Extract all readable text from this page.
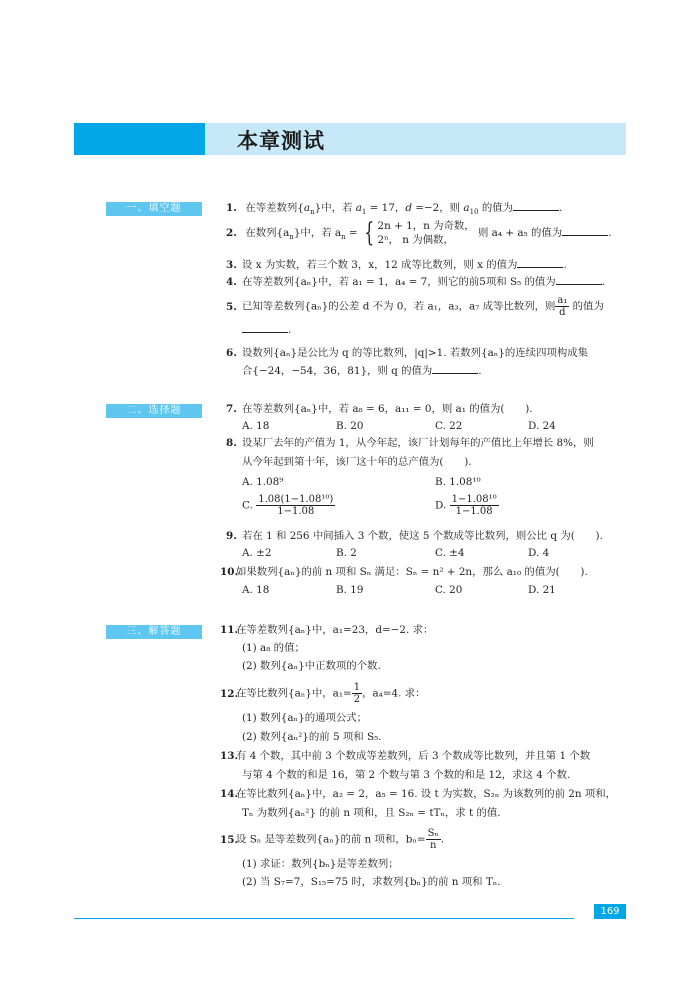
本章测试
一、填空题
二、选择题
三、解答题
1. 在等差数列$\{a_n\}$中，若 $a_1 = 17$，d =−2，则 $a_{10}$ 的值为	.
2. 在数列$\{a_n\}$中，若 $a_n$ = { 2n + 1，n 为奇数，
2ⁿ， n 为偶数，
则 a₄ + a₅ 的值为	.
3. 设 x 为实数，若三个数 3，x，12 成等比数列，则 x 的值为	.
4. 在等差数列{aₙ}中，若 a₁ = 1，a₄ = 7，则它的前5项和 S₅ 的值为	.
5. 已知等差数列{aₙ}的公差 d 不为 0，若 a₁，a₃，a₇ 成等比数列，则 $\frac{\text{a₁}}{d}$ 的值为
.
6. 设数列{aₙ}是公比为 q 的等比数列，|q|>1. 若数列{aₙ}的连续四项构成集
合{−24，−54，36，81}，则 q 的值为	.
7. 在等差数列{aₙ}中，若 a₈ = 6，a₁₁ = 0，则 a₁ 的值为(　　).
A. 18	B. 20	C. 22	D. 24
8. 设某厂去年的产值为 1，从今年起，该厂计划每年的产值比上年增长 8%，则
从今年起到第十年，该厂这十年的总产值为(　　).
A. 1.08⁹	B. 1.08¹⁰
C. $\frac{\text{1.08(1−1.08¹⁰)}}{1-1.08}$	D. $\frac{\text{1−1.08¹⁰}}{1-1.08}$
9. 若在 1 和 256 中间插入 3 个数，使这 5 个数成等比数列，则公比 q 为(　　).
A. ±2	B. 2	C. ±4	D. 4
10.如果数列{aₙ}的前 n 项和 Sₙ 满足：Sₙ = n² + 2n，那么 a₁₀ 的值为(　　).
A. 18	B. 19	C. 20	D. 21
11.在等差数列{aₙ}中，a₁=23，d=−2. 求：
(1) a₈ 的值；
(2) 数列{aₙ}中正数项的个数.
12.在等比数列{aₙ}中，$a_1= \frac{1}{2}$ ，a₄=4. 求：
(1) 数列{aₙ}的通项公式；
(2) 数列{aₙ²}的前 5 项和 S₅.
13.有 4 个数，其中前 3 个数成等差数列，后 3 个数成等比数列，并且第 1 个数
与第 4 个数的和是 16，第 2 个数与第 3 个数的和是 12，求这 4 个数.
14.在等比数列{aₙ}中，a₂ = 2，a₅ = 16. 设 t 为实数，S₂ₙ 为该数列的前 2n 项和，
Tₙ 为数列{aₙ²} 的前 n 项和，且 S₂ₙ = tTₙ，求 t 的值.
15.设 Sₙ 是等差数列{aₙ}的前 n 项和，$b_n= \frac{\text{Sₙ}}{n}$ .
(1) 求证：数列{bₙ}是等差数列；
(2) 当 S₇=7，S₁₅=75 时，求数列{bₙ}的前 n 项和 Tₙ.
169
